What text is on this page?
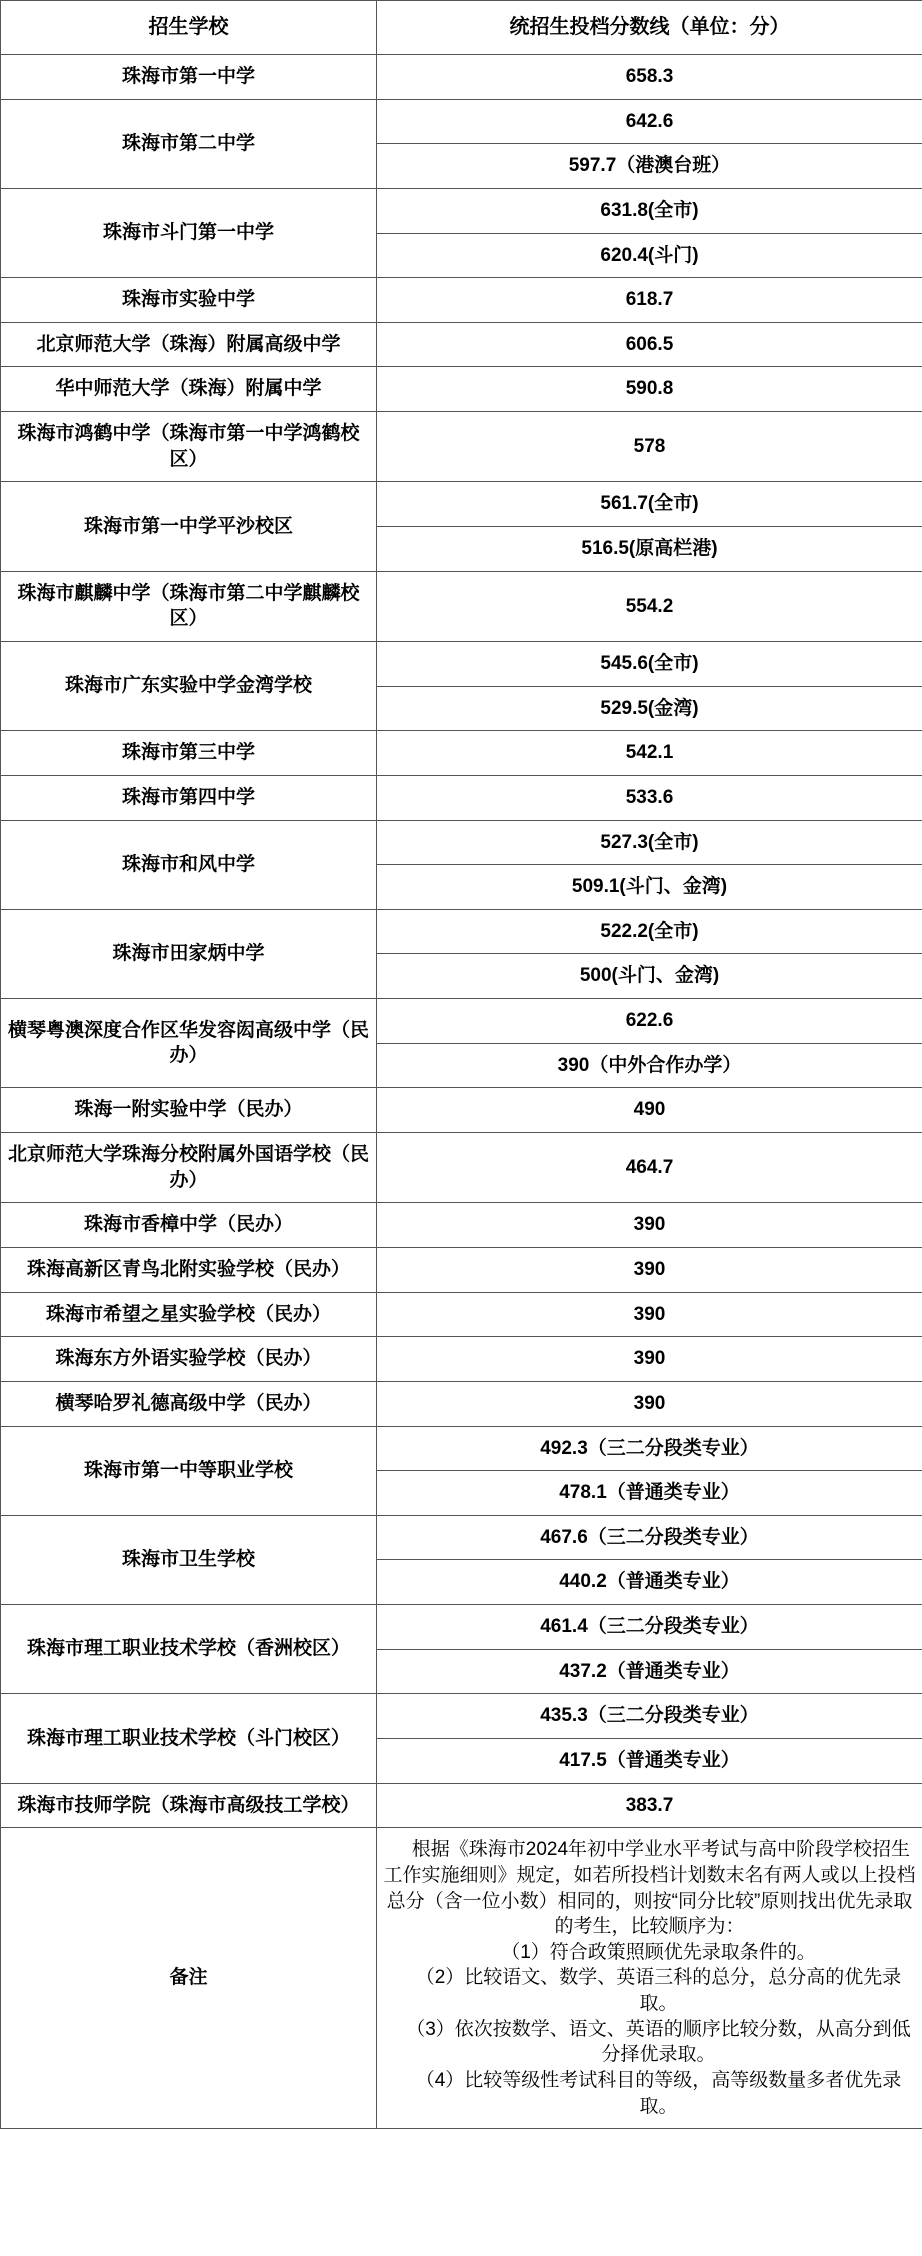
招生学校	统招生投档分数线（单位：分）
珠海市第一中学	658.3
珠海市第二中学	642.6
	597.7（港澳台班）
珠海市斗门第一中学	631.8(全市)
	620.4(斗门)
珠海市实验中学	618.7
北京师范大学（珠海）附属高级中学	606.5
华中师范大学（珠海）附属中学	590.8
珠海市鸿鹤中学（珠海市第一中学鸿鹤校区）	578
珠海市第一中学平沙校区	561.7(全市)
	516.5(原高栏港)
珠海市麒麟中学（珠海市第二中学麒麟校区）	554.2
珠海市广东实验中学金湾学校	545.6(全市)
	529.5(金湾)
珠海市第三中学	542.1
珠海市第四中学	533.6
珠海市和风中学	527.3(全市)
	509.1(斗门、金湾)
珠海市田家炳中学	522.2(全市)
	500(斗门、金湾)
横琴粤澳深度合作区华发容闳高级中学（民办）	622.6
	390（中外合作办学）
珠海一附实验中学（民办）	490
北京师范大学珠海分校附属外国语学校（民办）	464.7
珠海市香樟中学（民办）	390
珠海高新区青鸟北附实验学校（民办）	390
珠海市希望之星实验学校（民办）	390
珠海东方外语实验学校（民办）	390
横琴哈罗礼德高级中学（民办）	390
珠海市第一中等职业学校	492.3（三二分段类专业）
	478.1（普通类专业）
珠海市卫生学校	467.6（三二分段类专业）
	440.2（普通类专业）
珠海市理工职业技术学校（香洲校区）	461.4（三二分段类专业）
	437.2（普通类专业）
珠海市理工职业技术学校（斗门校区）	435.3（三二分段类专业）
	417.5（普通类专业）
珠海市技师学院（珠海市高级技工学校）	383.7
备注	根据《珠海市2024年初中学业水平考试与高中阶段学校招生工作实施细则》规定，如若所投档计划数末名有两人或以上投档总分（含一位小数）相同的，则按“同分比较”原则找出优先录取的考生，比较顺序为：

（1）符合政策照顾优先录取条件的。

（2）比较语文、数学、英语三科的总分，总分高的优先录取。

（3）依次按数学、语文、英语的顺序比较分数，从高分到低分择优录取。

（4）比较等级性考试科目的等级，高等级数量多者优先录取。
